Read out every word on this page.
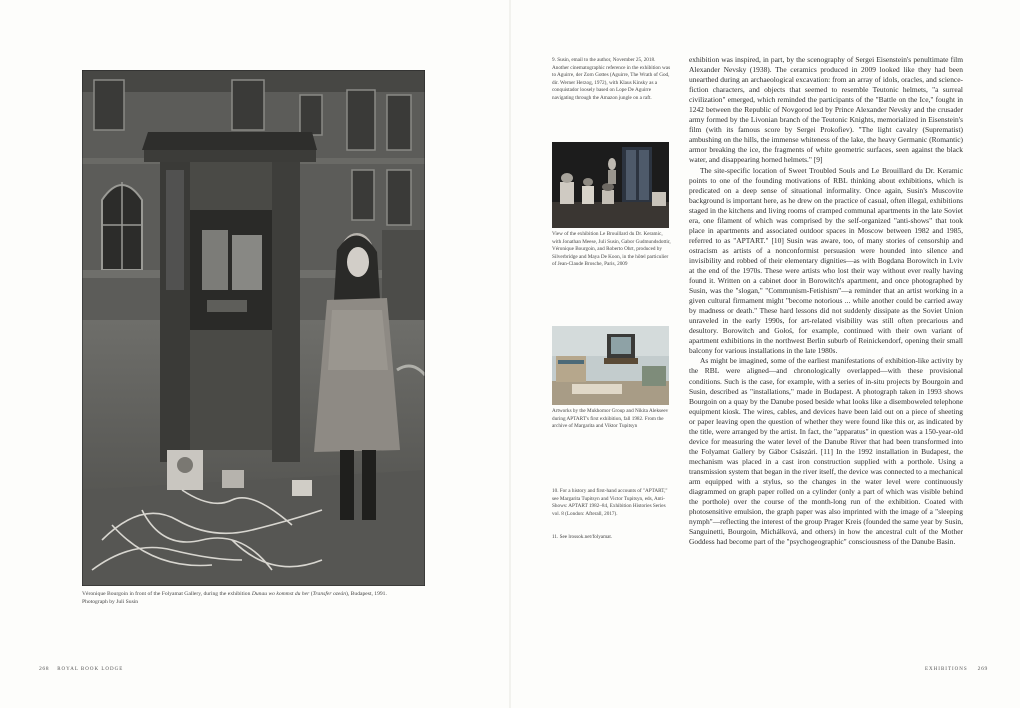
Véronique Bourgoin in front of the Folyamat Gallery, during the exhibition Dunau wo kommst du her (Transfer ozeán), Budapest, 1991. Photograph by Juli Susin
268 ROYAL BOOK LODGE

9. Susin, email to the author, November 25, 2018. Another cinematographic reference in the exhibition was to Aguirre, der Zorn Gottes (Aguirre, The Wrath of God, dir. Werner Herzog, 1972), with Klaus Kinsky as a conquistador loosely based on Lope De Aguirre navigating through the Amazon jungle on a raft.

View of the exhibition Le Brouillard du Dr. Keramic, with Jonathan Meese, Juli Susin, Gabor Gudmundsdottir, Véronique Bourgoin, and Roberto Ohrt, produced by Silverbridge and Maya De Koon, in the hôtel particulier of Jean-Claude Brosche, Paris, 2009

Artworks by the Mukhomor Group and Nikita Alekseev during APTART's first exhibition, fall 1982. From the archive of Margarita and Viktor Tupitsyn

10. For a history and first-hand accounts of "APTART," see Margarita Tupitsyn and Victor Tupitsyn, eds, Anti-Shows: APTART 1982–84, Exhibition Histories Series vol. 8 (London: Afterall, 2017).

11. See lrossok.net/folyamat.

exhibition was inspired, in part, by the scenography of Sergei Eisenstein's penultimate film Alexander Nevsky (1938). The ceramics produced in 2009 looked like they had been unearthed during an archaeological excavation: from an array of idols, oracles, and science-fiction characters, and objects that seemed to resemble Teutonic helmets, "a surreal civilization" emerged, which reminded the participants of the "Battle on the Ice," fought in 1242 between the Republic of Novgorod led by Prince Alexander Nevsky and the crusader army formed by the Livonian branch of the Teutonic Knights, memorialized in Eisenstein's film (with its famous score by Sergei Prokofiev). "The light cavalry (Suprematist) ambushing on the hills, the immense whiteness of the lake, the heavy Germanic (Romantic) armor breaking the ice, the fragments of white geometric surfaces, seen against the black water, and disappearing horned helmets." [9]

The site-specific location of Sweet Troubled Souls and Le Brouillard du Dr. Keramic points to one of the founding motivations of RBL thinking about exhibitions, which is predicated on a deep sense of situational informality. Once again, Susin's Muscovite background is important here, as he drew on the practice of casual, often illegal, exhibitions staged in the kitchens and living rooms of cramped communal apartments in the late Soviet era, one filament of which was comprised by the self-organized "anti-shows" that took place in apartments and associated outdoor spaces in Moscow between 1982 and 1985, referred to as "APTART." [10] Susin was aware, too, of many stories of censorship and ostracism as artists of a nonconformist persuasion were hounded into silence and invisibility and robbed of their elementary dignities—as with Bogdana Borowitch in Lviv at the end of the 1970s. These were artists who lost their way without ever really having found it. Written on a cabinet door in Borowitch's apartment, and once photographed by Susin, was the "slogan," "Communism-Fetishism"—a reminder that an artist working in a given cultural firmament might "become notorious ... while another could be carried away by madness or death." These hard lessons did not suddenly dissipate as the Soviet Union unraveled in the early 1990s, for art-related visibility was still often precarious and desultory. Borowitch and Gołoś, for example, continued with their own variant of apartment exhibitions in the northwest Berlin suburb of Reinickendorf, opening their small balcony for various installations in the late 1980s.

As might be imagined, some of the earliest manifestations of exhibition-like activity by the RBL were aligned—and chronologically overlapped—with these provisional conditions. Such is the case, for example, with a series of in-situ projects by Bourgoin and Susin, described as "installations," made in Budapest. A photograph taken in 1993 shows Bourgoin on a quay by the Danube posed beside what looks like a disemboweled telephone equipment kiosk. The wires, cables, and devices have been laid out on a piece of sheeting or paper leaving open the question of whether they were found like this or, as indicated by the title, were arranged by the artist. In fact, the "apparatus" in question was a 150-year-old device for measuring the water level of the Danube River that had been transformed into the Folyamat Gallery by Gábor Császári. [11] In the 1992 installation in Budapest, the mechanism was placed in a cast iron construction supplied with a porthole. Using a transmission system that began in the river itself, the device was connected to a mechanical arm equipped with a stylus, so the changes in the water level were continuously diagrammed on graph paper rolled on a cylinder (only a part of which was visible behind the porthole) over the course of the month-long run of the exhibition. Coated with photosensitive emulsion, the graph paper was also imprinted with the image of a "sleeping nymph"—reflecting the interest of the group Prager Kreis (founded the same year by Susin, Sanguinetti, Bourgoin, Michálková, and others) in how the ancestral cult of the Mother Goddess had become part of the "psychogeographic" consciousness of the Danube Basin.

EXHIBITIONS 269
